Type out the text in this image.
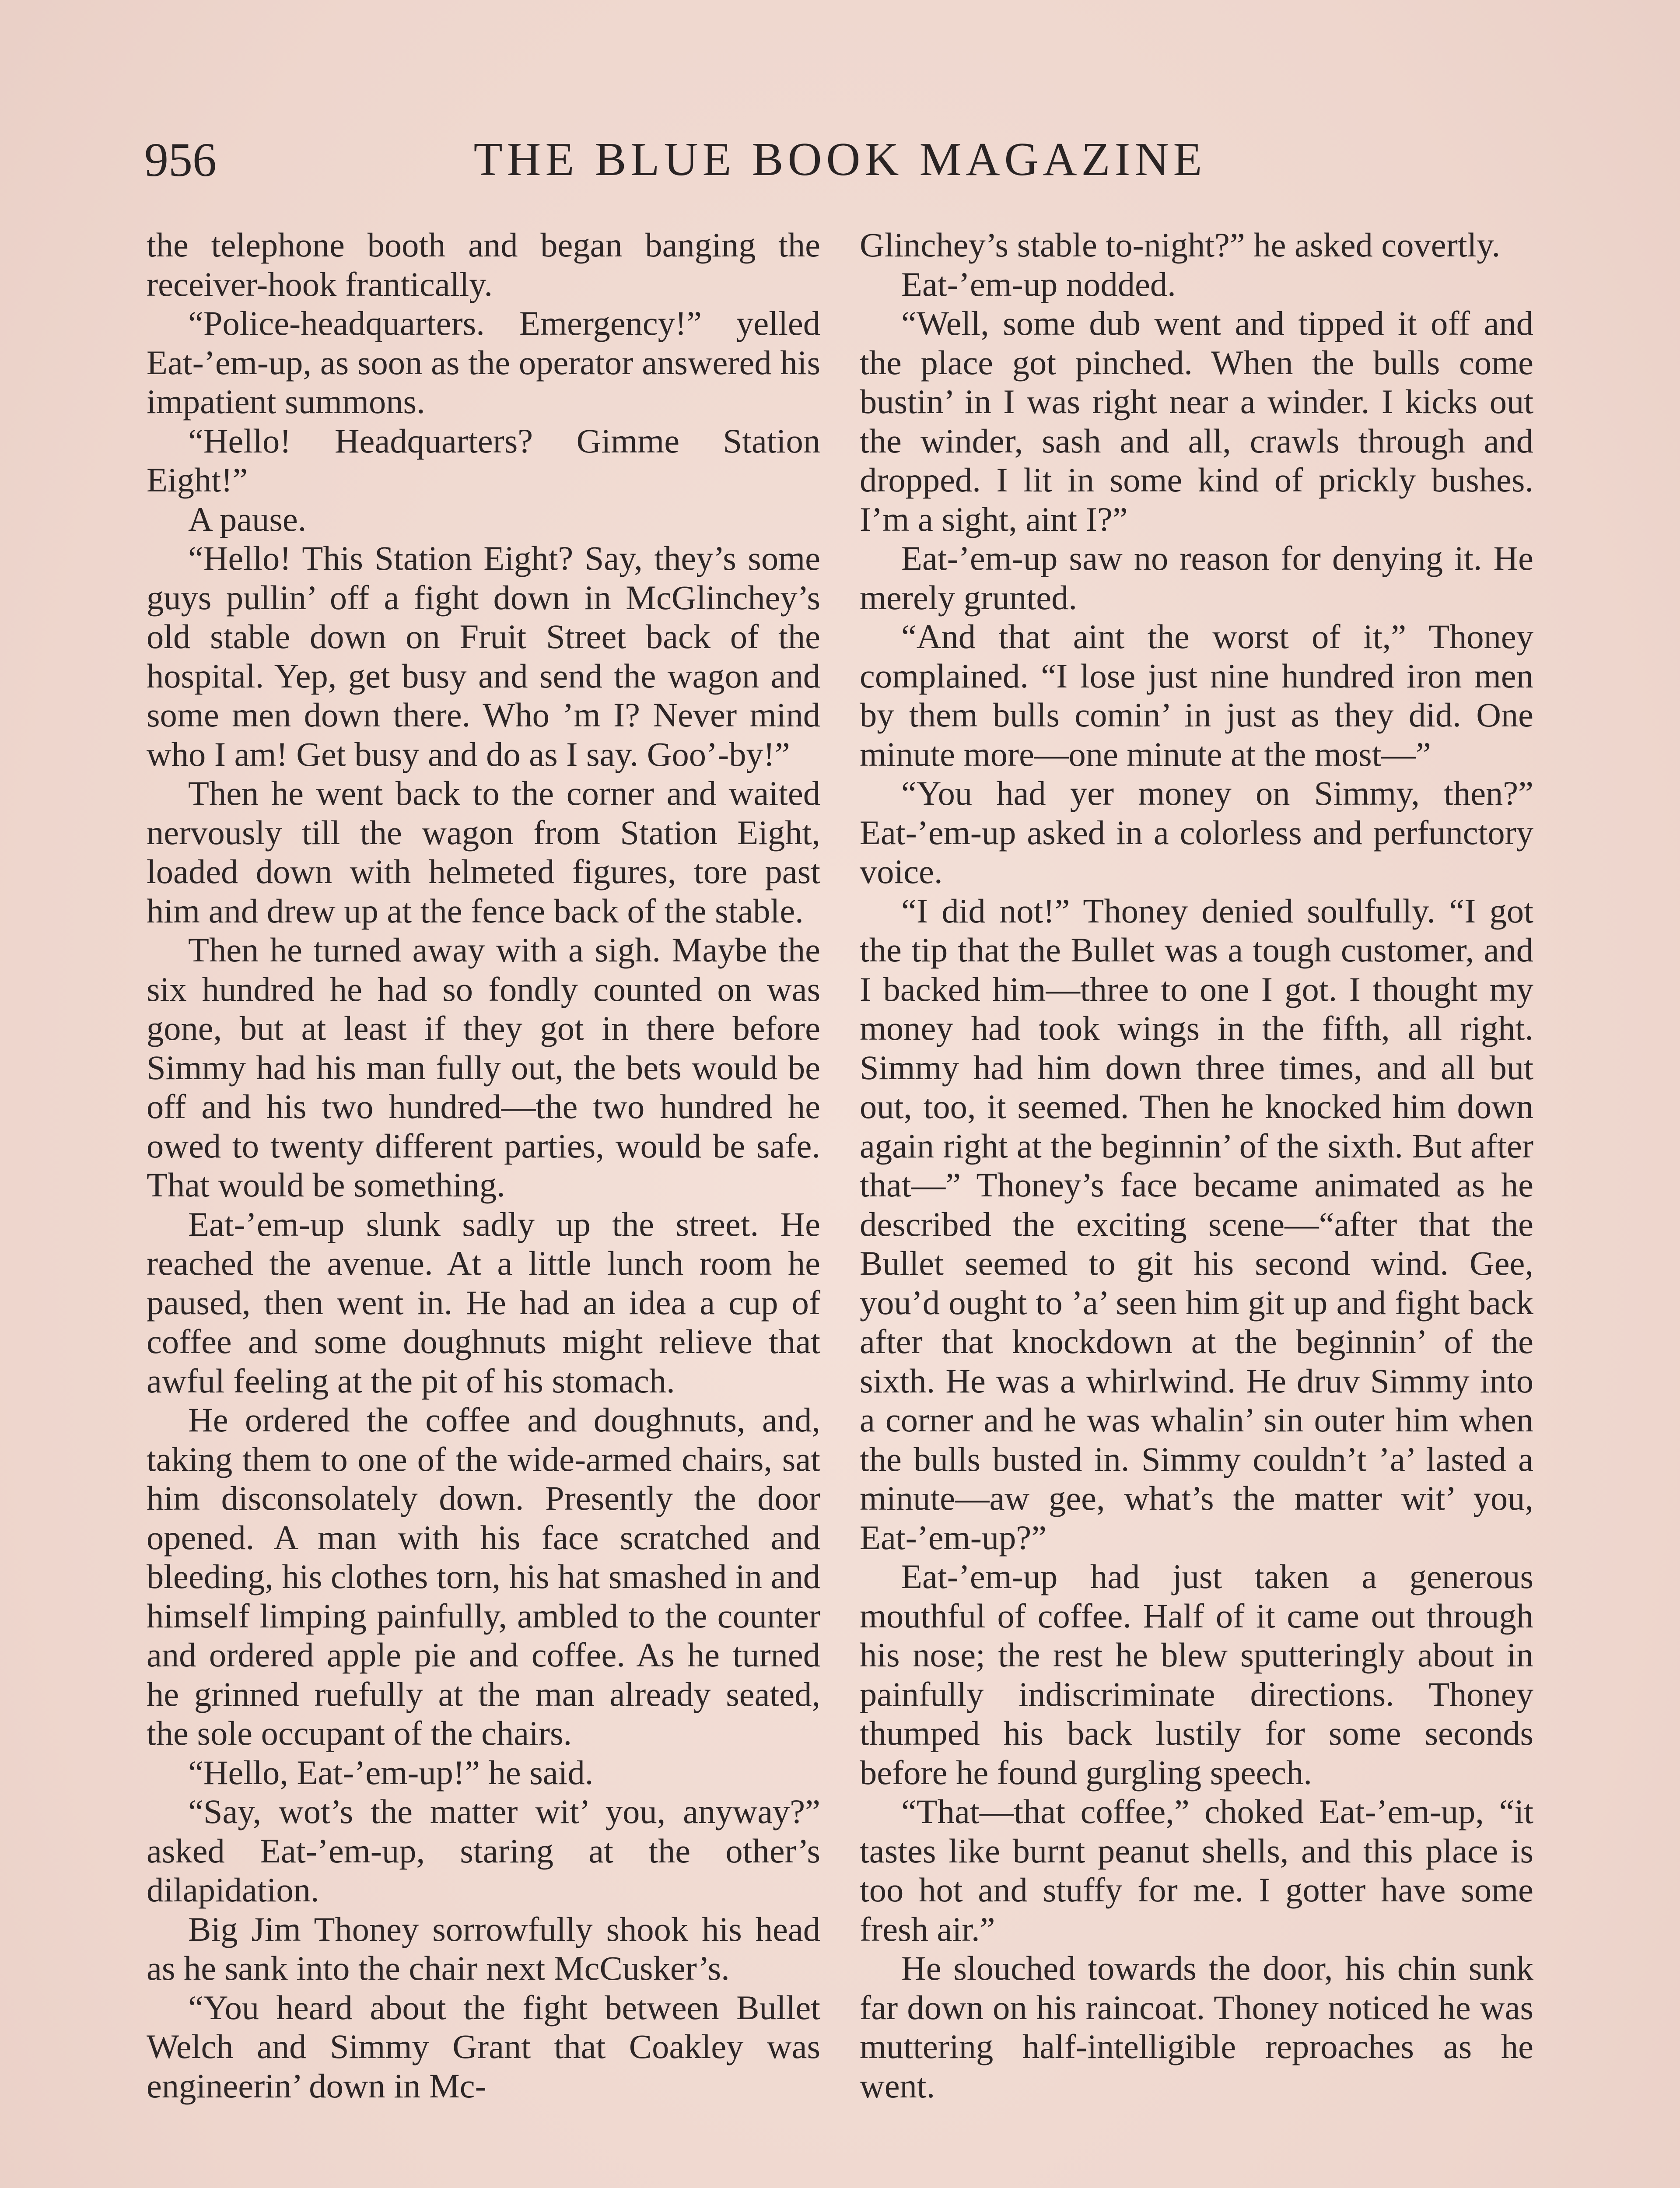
956	THE BLUE BOOK MAGAZINE

the telephone booth and began banging the receiver-hook frantically.

“Police-headquarters. Emergency!” yelled Eat-’em-up, as soon as the operator answered his impatient summons.

“Hello! Headquarters? Gimme Station Eight!”

A pause.

“Hello! This Station Eight? Say, they’s some guys pullin’ off a fight down in McGlinchey’s old stable down on Fruit Street back of the hospital. Yep, get busy and send the wagon and some men down there. Who ’m I? Never mind who I am! Get busy and do as I say. Goo’-by!”

Then he went back to the corner and waited nervously till the wagon from Station Eight, loaded down with helmeted figures, tore past him and drew up at the fence back of the stable.

Then he turned away with a sigh. Maybe the six hundred he had so fondly counted on was gone, but at least if they got in there before Simmy had his man fully out, the bets would be off and his two hundred—the two hundred he owed to twenty different parties, would be safe. That would be something.

Eat-’em-up slunk sadly up the street. He reached the avenue. At a little lunch room he paused, then went in. He had an idea a cup of coffee and some doughnuts might relieve that awful feeling at the pit of his stomach.

He ordered the coffee and doughnuts, and, taking them to one of the wide-armed chairs, sat him disconsolately down. Presently the door opened. A man with his face scratched and bleeding, his clothes torn, his hat smashed in and himself limping painfully, ambled to the counter and ordered apple pie and coffee. As he turned he grinned ruefully at the man already seated, the sole occupant of the chairs.

“Hello, Eat-’em-up!” he said.

“Say, wot’s the matter wit’ you, anyway?” asked Eat-’em-up, staring at the other’s dilapidation.

Big Jim Thoney sorrowfully shook his head as he sank into the chair next McCusker’s.

“You heard about the fight between Bullet Welch and Simmy Grant that Coakley was engineerin’ down in Mc-

Glinchey’s stable to-night?” he asked covertly.

Eat-’em-up nodded.

“Well, some dub went and tipped it off and the place got pinched. When the bulls come bustin’ in I was right near a winder. I kicks out the winder, sash and all, crawls through and dropped. I lit in some kind of prickly bushes. I’m a sight, aint I?”

Eat-’em-up saw no reason for denying it. He merely grunted.

“And that aint the worst of it,” Thoney complained. “I lose just nine hundred iron men by them bulls comin’ in just as they did. One minute more—one minute at the most—”

“You had yer money on Simmy, then?” Eat-’em-up asked in a colorless and perfunctory voice.

“I did not!” Thoney denied soulfully. “I got the tip that the Bullet was a tough customer, and I backed him—three to one I got. I thought my money had took wings in the fifth, all right. Simmy had him down three times, and all but out, too, it seemed. Then he knocked him down again right at the beginnin’ of the sixth. But after that—” Thoney’s face became animated as he described the exciting scene—“after that the Bullet seemed to git his second wind. Gee, you’d ought to ’a’ seen him git up and fight back after that knockdown at the beginnin’ of the sixth. He was a whirlwind. He druv Simmy into a corner and he was whalin’ sin outer him when the bulls busted in. Simmy couldn’t ’a’ lasted a minute—aw gee, what’s the matter wit’ you, Eat-’em-up?”

Eat-’em-up had just taken a generous mouthful of coffee. Half of it came out through his nose; the rest he blew sputteringly about in painfully indiscriminate directions. Thoney thumped his back lustily for some seconds before he found gurgling speech.

“That—that coffee,” choked Eat-’em-up, “it tastes like burnt peanut shells, and this place is too hot and stuffy for me. I gotter have some fresh air.”

He slouched towards the door, his chin sunk far down on his raincoat. Thoney noticed he was muttering half-intelligible reproaches as he went.
